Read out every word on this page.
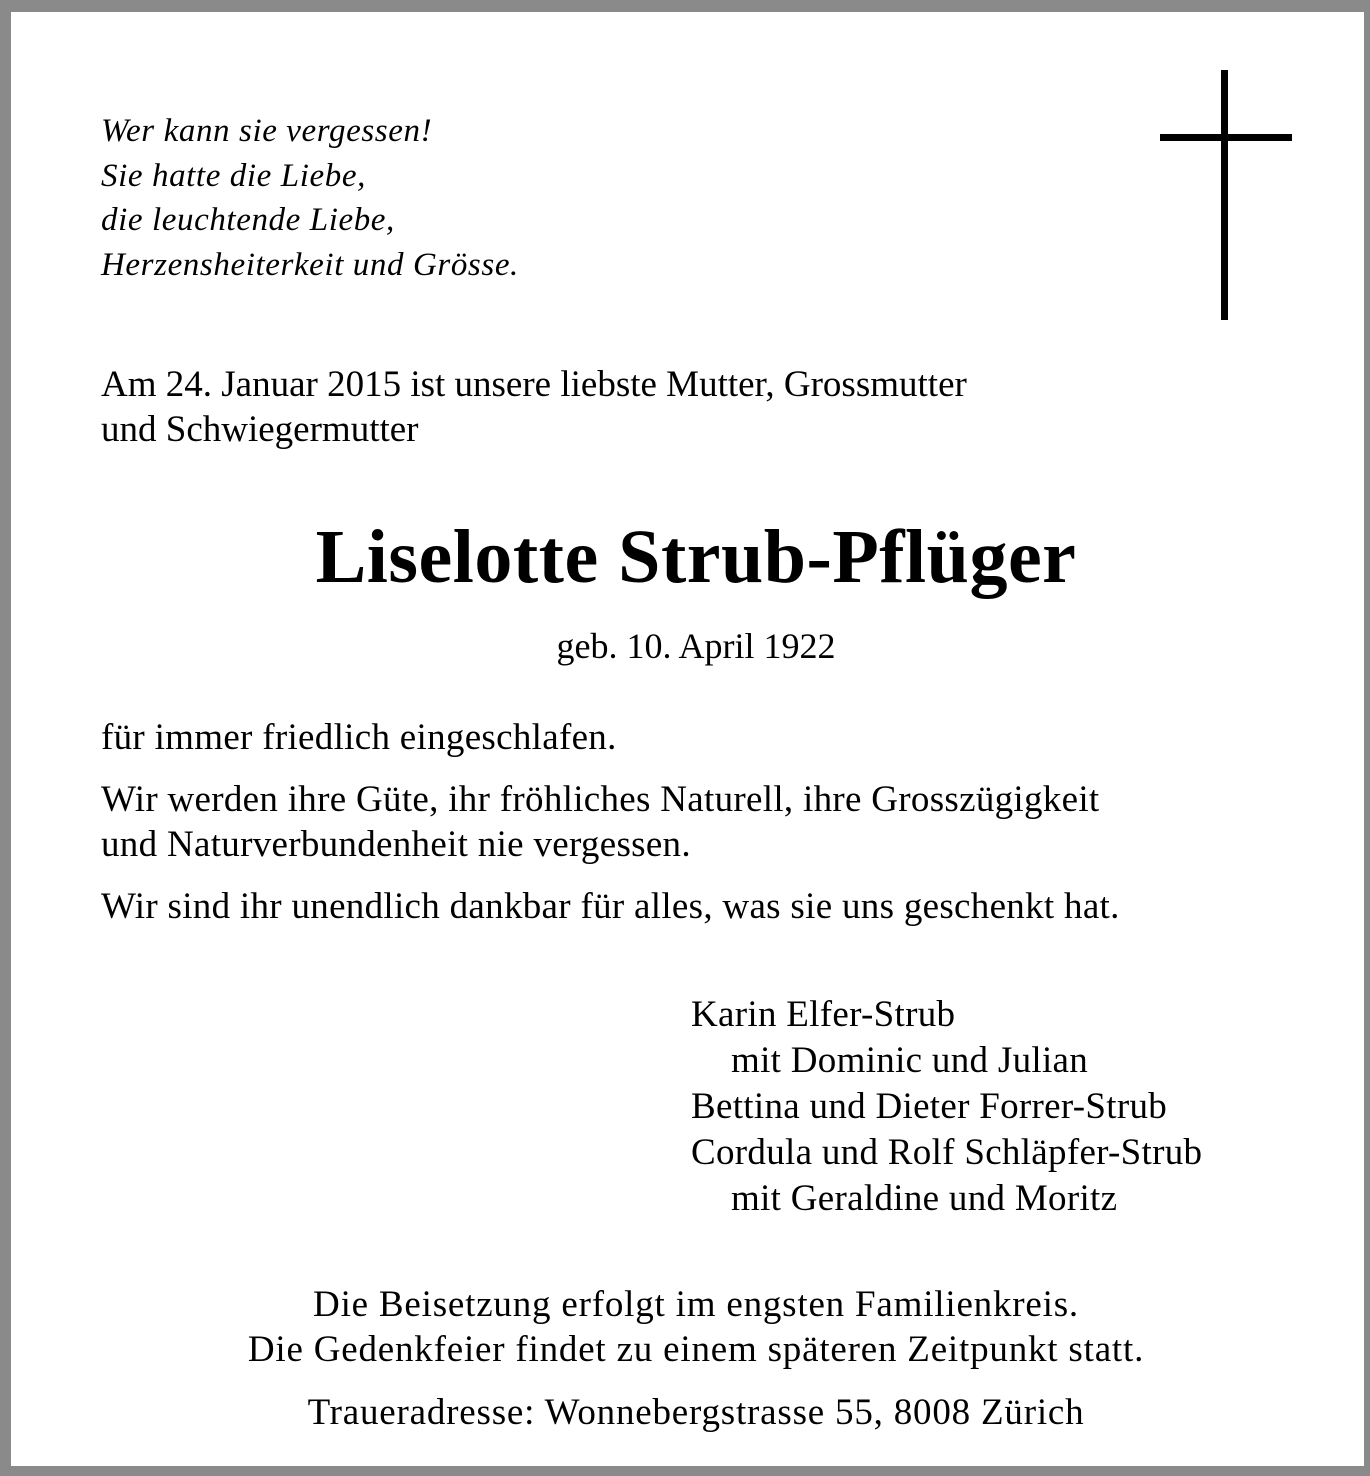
Wer kann sie vergessen!
Sie hatte die Liebe,
die leuchtende Liebe,
Herzensheiterkeit und Grösse.
Am 24. Januar 2015 ist unsere liebste Mutter, Grossmutter
und Schwiegermutter
Liselotte Strub-Pflüger
geb. 10. April 1922
für immer friedlich eingeschlafen.
Wir werden ihre Güte, ihr fröhliches Naturell, ihre Grosszügigkeit
und Naturverbundenheit nie vergessen.
Wir sind ihr unendlich dankbar für alles, was sie uns geschenkt hat.
Karin Elfer-Strub
mit Dominic und Julian
Bettina und Dieter Forrer-Strub
Cordula und Rolf Schläpfer-Strub
mit Geraldine und Moritz
Die Beisetzung erfolgt im engsten Familienkreis.
Die Gedenkfeier findet zu einem späteren Zeitpunkt statt.
Traueradresse: Wonnebergstrasse 55, 8008 Zürich
